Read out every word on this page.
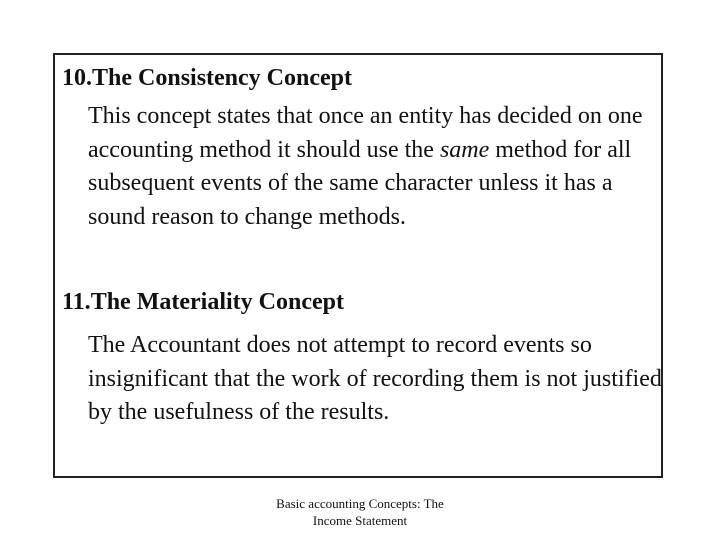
10.The Consistency Concept
This concept states that once an entity has decided on one accounting method it should use the same method for all subsequent events of the same character unless it has a sound reason to change methods.
11.The Materiality Concept
The Accountant does not attempt to record events so insignificant that the work of recording them is not justified by the usefulness of the results.
Basic accounting Concepts: The
Income Statement
